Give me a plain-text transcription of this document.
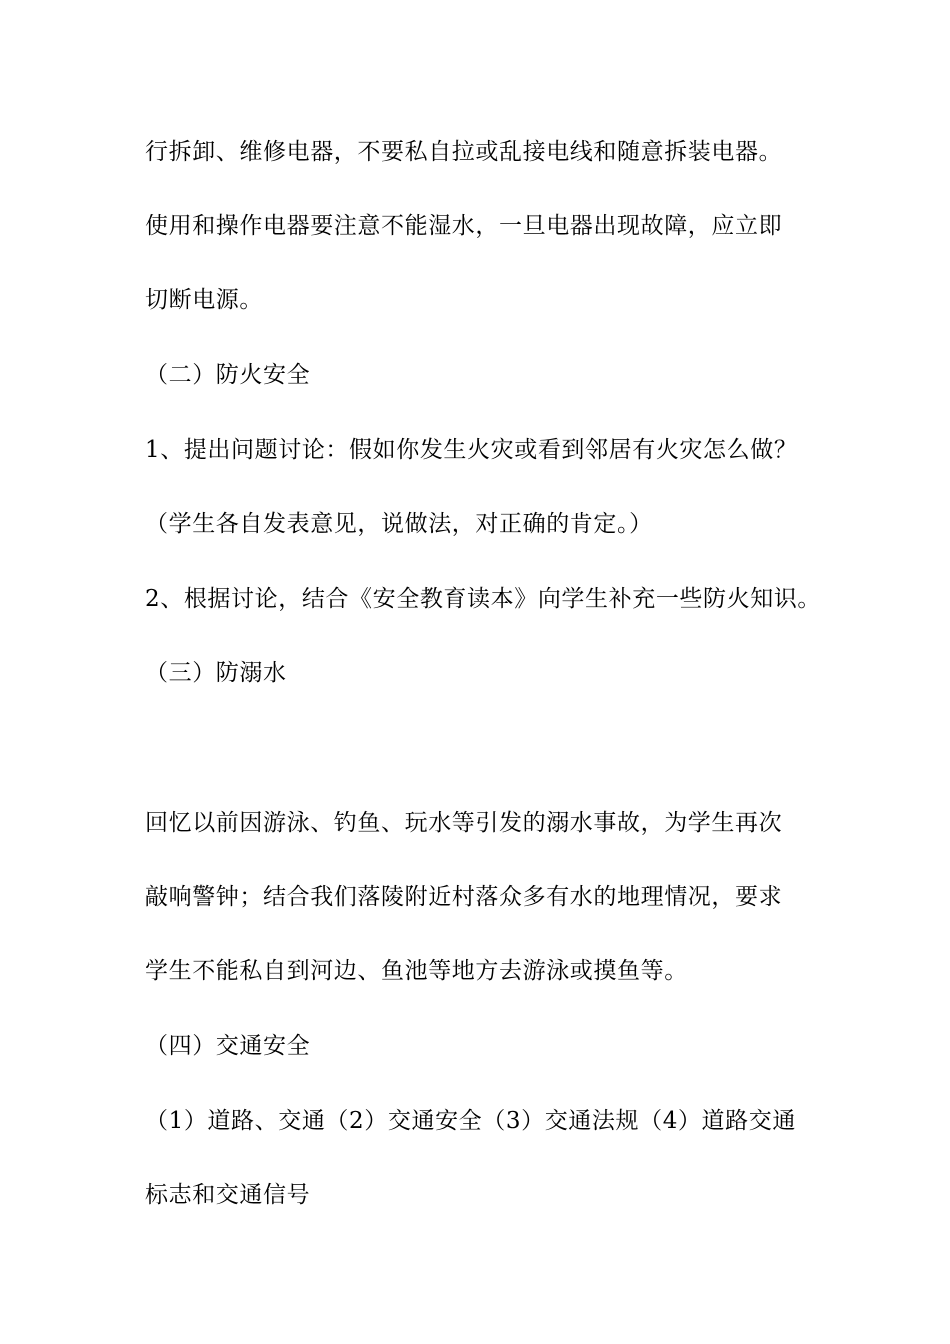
行拆卸、维修电器，不要私自拉或乱接电线和随意拆装电器。
使用和操作电器要注意不能湿水，一旦电器出现故障，应立即
切断电源。
（二）防火安全
1、提出问题讨论：假如你发生火灾或看到邻居有火灾怎么做？
（学生各自发表意见，说做法，对正确的肯定。）
2、根据讨论，结合《安全教育读本》向学生补充一些防火知识。
（三）防溺水
回忆以前因游泳、钓鱼、玩水等引发的溺水事故，为学生再次
敲响警钟；结合我们落陵附近村落众多有水的地理情况，要求
学生不能私自到河边、鱼池等地方去游泳或摸鱼等。
（四）交通安全
（1）道路、交通（2）交通安全（3）交通法规（4）道路交通
标志和交通信号
